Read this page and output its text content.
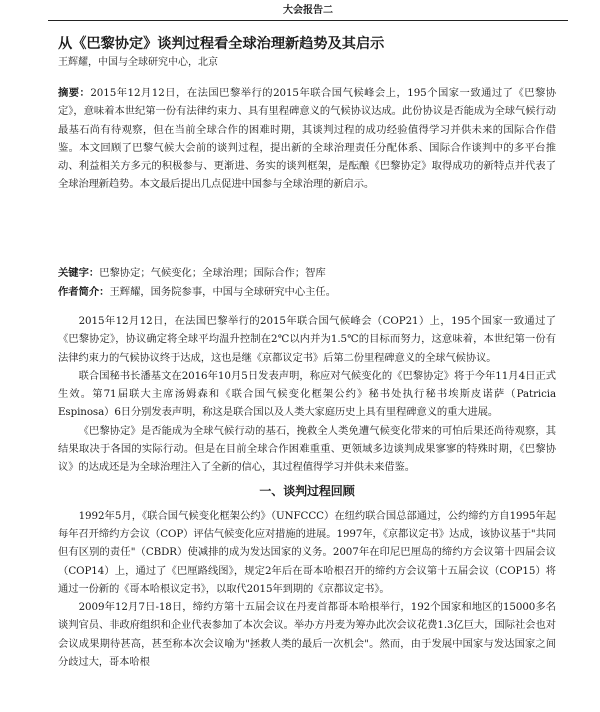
大会报告二
从《巴黎协定》谈判过程看全球治理新趋势及其启示
王辉耀，中国与全球研究中心，北京
摘要：2015年12月12日，在法国巴黎举行的2015年联合国气候峰会上，195个国家一致通过了《巴黎协定》，意味着本世纪第一份有法律约束力、具有里程碑意义的气候协议达成。此份协议是否能成为全球气候行动最基石尚有待观察，但在当前全球合作的困难时期，其谈判过程的成功经验值得学习并供未来的国际合作借鉴。本文回顾了巴黎气候大会前的谈判过程，提出新的全球治理责任分配体系、国际合作谈判中的多平台推动、利益相关方多元的积极参与、更渐进、务实的谈判框架，是酝酿《巴黎协定》取得成功的新特点并代表了全球治理新趋势。本文最后提出几点促进中国参与全球治理的新启示。
关键字：巴黎协定；气候变化；全球治理；国际合作；智库
作者简介：王辉耀，国务院参事，中国与全球研究中心主任。

2015年12月12日，在法国巴黎举行的2015年联合国气候峰会（COP21）上，195个国家一致通过了《巴黎协定》，协议确定将全球平均温升控制在2℃以内并为1.5℃的目标而努力，这意味着，本世纪第一份有法律约束力的气候协议终于达成，这也是继《京都议定书》后第二份里程碑意义的全球气候协议。

联合国秘书长潘基文在2016年10月5日发表声明，称应对气候变化的《巴黎协定》将于今年11月4日正式生效。第71届联大主席汤姆森和《联合国气候变化框架公约》秘书处执行秘书埃斯皮诺萨（Patricia Espinosa）6日分别发表声明，称这是联合国以及人类大家庭历史上具有里程碑意义的重大进展。

《巴黎协定》是否能成为全球气候行动的基石，挽救全人类免遭气候变化带来的可怕后果还尚待观察，其结果取决于各国的实际行动。但是在目前全球合作困难重重、更领域多边谈判成果寥寥的特殊时期，《巴黎协议》的达成还是为全球治理注入了全新的信心，其过程值得学习并供未来借鉴。

一、谈判过程回顾

1992年5月，《联合国气候变化框架公约》（UNFCCC）在纽约联合国总部通过，公约缔约方自1995年起每年召开缔约方会议（COP）评估气候变化应对措施的进展。1997年，《京都议定书》达成，该协议基于"共同但有区别的责任"（CBDR）使减排的成为发达国家的义务。2007年在印尼巴厘岛的缔约方会议第十四届会议（COP14）上，通过了《巴厘路线图》，规定2年后在哥本哈根召开的缔约方会议第十五届会议（COP15）将通过一份新的《哥本哈根议定书》，以取代2015年到期的《京都议定书》。

2009年12月7日-18日，缔约方第十五届会议在丹麦首都哥本哈根举行，192个国家和地区的15000多名谈判官员、非政府组织和企业代表参加了本次会议。举办方丹麦为筹办此次会议花费1.3亿巨大，国际社会也对会议成果期待甚高，甚至称本次会议喻为"拯救人类的最后一次机会"。然而，由于发展中国家与发达国家之间分歧过大，哥本哈根
